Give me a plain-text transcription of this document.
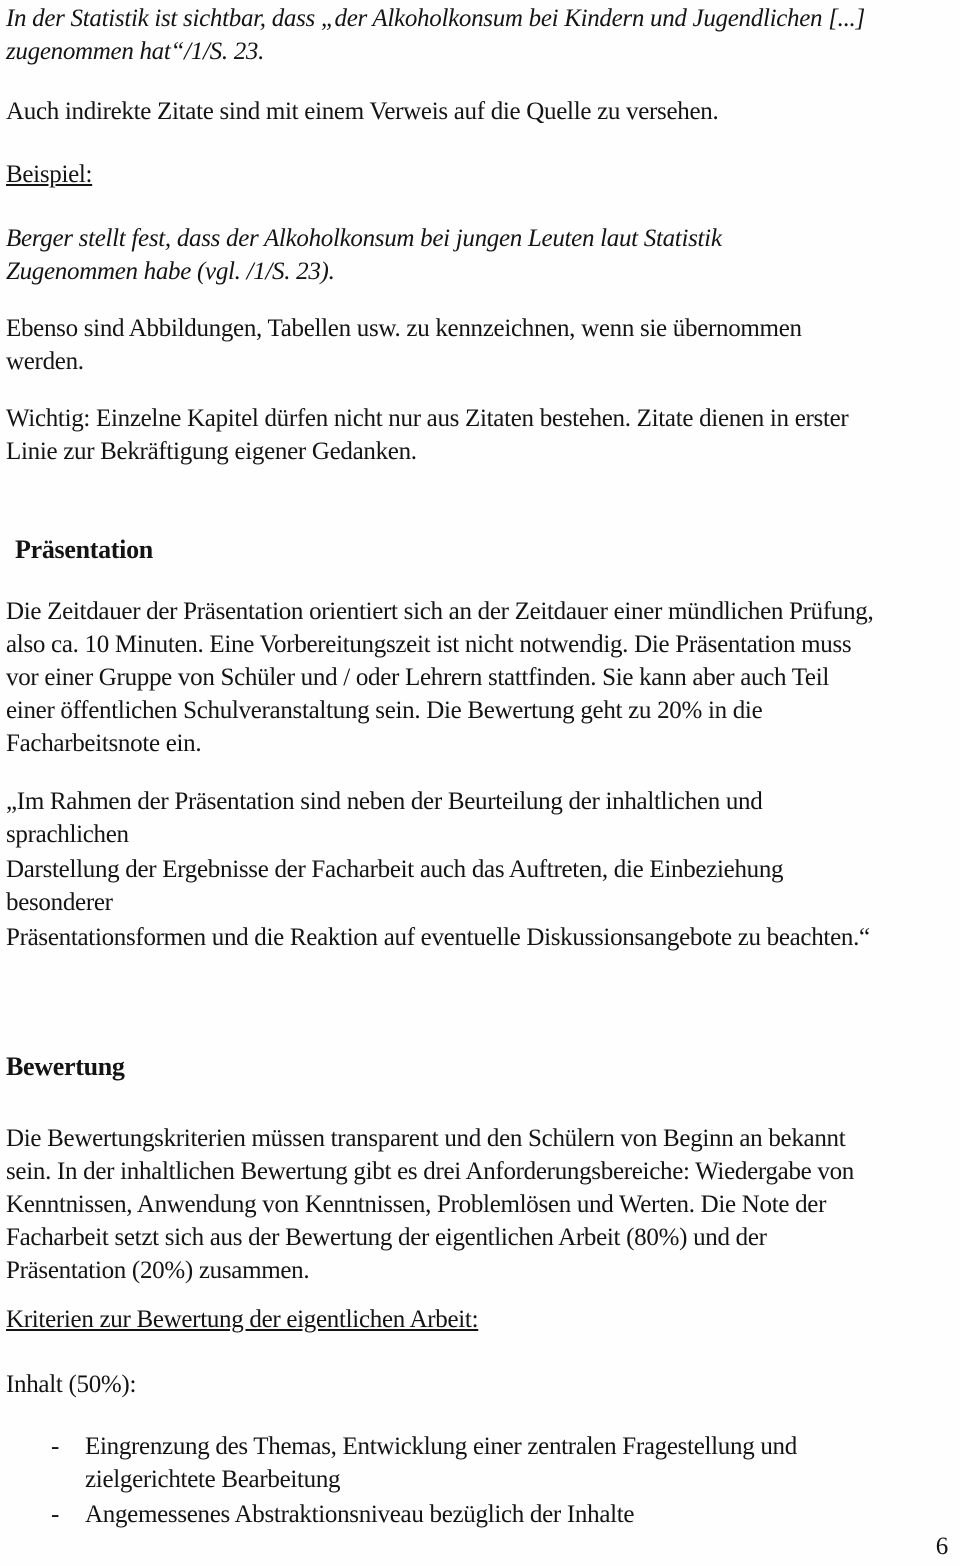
In der Statistik ist sichtbar, dass „der Alkoholkonsum bei Kindern und Jugendlichen [...]
zugenommen hat“/1/S. 23.
Auch indirekte Zitate sind mit einem Verweis auf die Quelle zu versehen.
Beispiel:
Berger stellt fest, dass der Alkoholkonsum bei jungen Leuten laut Statistik
Zugenommen habe (vgl. /1/S. 23).
Ebenso sind Abbildungen, Tabellen usw. zu kennzeichnen, wenn sie übernommen
werden.
Wichtig: Einzelne Kapitel dürfen nicht nur aus Zitaten bestehen. Zitate dienen in erster
Linie zur Bekräftigung eigener Gedanken.
Präsentation
Die Zeitdauer der Präsentation orientiert sich an der Zeitdauer einer mündlichen Prüfung,
also ca. 10 Minuten. Eine Vorbereitungszeit ist nicht notwendig. Die Präsentation muss
vor einer Gruppe von Schüler und / oder Lehrern stattfinden. Sie kann aber auch Teil
einer öffentlichen Schulveranstaltung sein. Die Bewertung geht zu 20% in die
Facharbeitsnote ein.
„Im Rahmen der Präsentation sind neben der Beurteilung der inhaltlichen und
sprachlichen
Darstellung der Ergebnisse der Facharbeit auch das Auftreten, die Einbeziehung
besonderer
Präsentationsformen und die Reaktion auf eventuelle Diskussionsangebote zu beachten.“
Bewertung
Die Bewertungskriterien müssen transparent und den Schülern von Beginn an bekannt
sein. In der inhaltlichen Bewertung gibt es drei Anforderungsbereiche: Wiedergabe von
Kenntnissen, Anwendung von Kenntnissen, Problemlösen und Werten. Die Note der
Facharbeit setzt sich aus der Bewertung der eigentlichen Arbeit (80%) und der
Präsentation (20%) zusammen.
Kriterien zur Bewertung der eigentlichen Arbeit:
Inhalt (50%):
- Eingrenzung des Themas, Entwicklung einer zentralen Fragestellung und
zielgerichtete Bearbeitung
- Angemessenes Abstraktionsniveau bezüglich der Inhalte
6
